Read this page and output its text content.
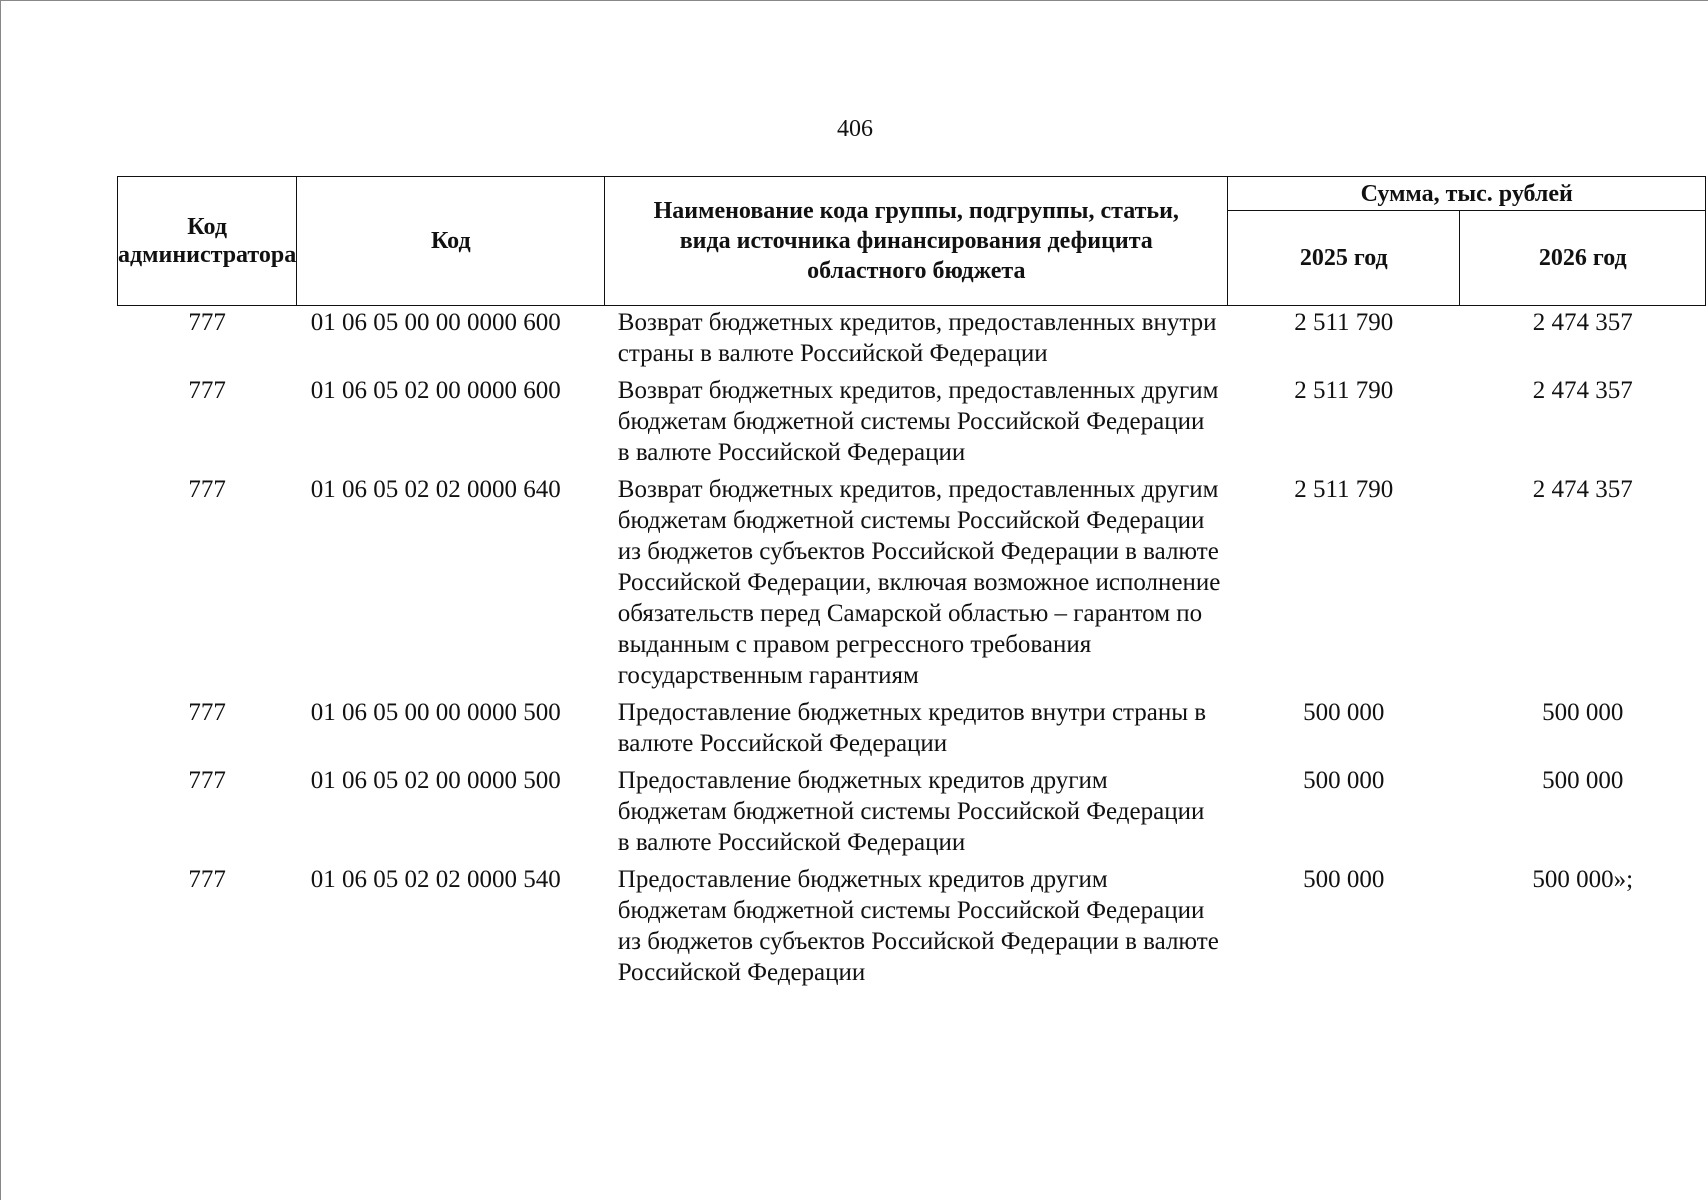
406
Код администратора	Код	Наименование кода группы, подгруппы, статьи, вида источника финансирования дефицита областного бюджета	Сумма, тыс. рублей	
			2025 год	2026 год
777	01 06 05 00 00 0000 600	Возврат бюджетных кредитов, предоставленных внутри страны в валюте Российской Федерации	2 511 790	2 474 357
777	01 06 05 02 00 0000 600	Возврат бюджетных кредитов, предоставленных другим бюджетам бюджетной системы Российской Федерации в валюте Российской Федерации	2 511 790	2 474 357
777	01 06 05 02 02 0000 640	Возврат бюджетных кредитов, предоставленных другим бюджетам бюджетной системы Российской Федерации из бюджетов субъектов Российской Федерации в валюте Российской Федерации, включая возможное исполнение обязательств перед Самарской областью – гарантом по выданным с правом регрессного требования государственным гарантиям	2 511 790	2 474 357
777	01 06 05 00 00 0000 500	Предоставление бюджетных кредитов внутри страны в валюте Российской Федерации	500 000	500 000
777	01 06 05 02 00 0000 500	Предоставление бюджетных кредитов другим бюджетам бюджетной системы Российской Федерации в валюте Российской Федерации	500 000	500 000
777	01 06 05 02 02 0000 540	Предоставление бюджетных кредитов другим бюджетам бюджетной системы Российской Федерации из бюджетов субъектов Российской Федерации в валюте Российской Федерации	500 000	500 000»;
